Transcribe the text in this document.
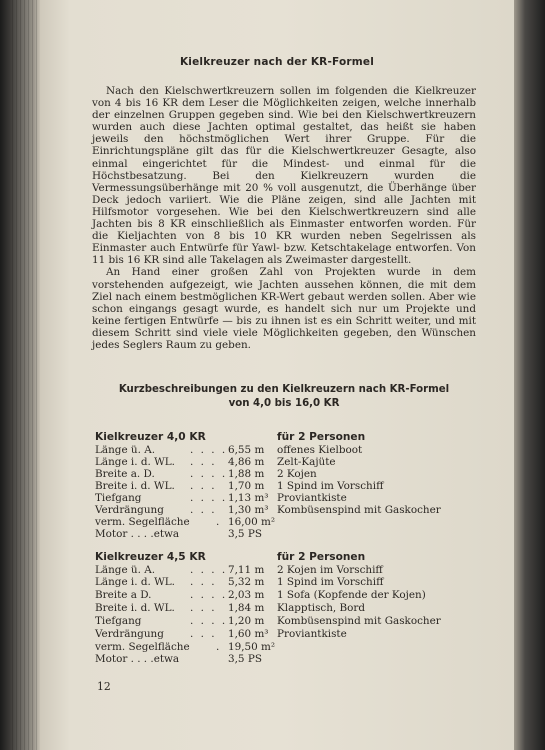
Kielkreuzer nach der KR-Formel

Nach den Kielschwertkreuzern sollen im folgenden die Kielkreuzer von 4 bis 16 KR dem Leser die Möglichkeiten zeigen, welche innerhalb der einzelnen Gruppen gegeben sind. Wie bei den Kielschwertkreuzern wurden auch diese Jachten optimal gestaltet, das heißt sie haben jeweils den höchstmöglichen Wert ihrer Gruppe. Für die Einrichtungspläne gilt das für die Kielschwertkreuzer Gesagte, also einmal eingerichtet für die Mindest- und einmal für die Höchstbesatzung. Bei den Kielkreuzern wurden die Vermessungsüberhänge mit 20 % voll ausgenutzt, die Überhänge über Deck jedoch variiert. Wie die Pläne zeigen, sind alle Jachten mit Hilfsmotor vorgesehen. Wie bei den Kielschwertkreuzern sind alle Jachten bis 8 KR einschließlich als Einmaster entworfen worden. Für die Kieljachten von 8 bis 10 KR wurden neben Segelrissen als Einmaster auch Entwürfe für Yawl- bzw. Ketschtakelage entworfen. Von 11 bis 16 KR sind alle Takelagen als Zweimaster dargestellt.

An Hand einer großen Zahl von Projekten wurde in dem vorstehenden aufgezeigt, wie Jachten aussehen können, die mit dem Ziel nach einem bestmöglichen KR-Wert gebaut werden sollen. Aber wie schon eingangs gesagt wurde, es handelt sich nur um Projekte und keine fertigen Entwürfe — bis zu ihnen ist es ein Schritt weiter, und mit diesem Schritt sind viele viele Möglichkeiten gegeben, den Wünschen jedes Seglers Raum zu geben.

Kurzbeschreibungen zu den Kielkreuzern nach KR-Formel
von 4,0 bis 16,0 KR
Kielkreuzer 4,0 KR	für 2 Personen
Länge ü. A.	. . . . 6,55 m offenes Kielboot
Länge i. d. WL. . . . 4,86 m Zelt-Kajüte
Breite a. D.	. . . . 1,88 m 2 Kojen
Breite i. d. WL. . . . 1,70 m 1 Spind im Vorschiff
Tiefgang	. . . . 1,13 m³ Proviantkiste
Verdrängung	. . . 1,30 m³ Kombüsenspind mit Gaskocher
verm. Segelfläche	. 16,00 m²
Motor . . . .etwa	3,5 PS
Kielkreuzer 4,5 KR	für 2 Personen
Länge ü. A.	. . . . 7,11 m 2 Kojen im Vorschiff
Länge i. d. WL. . . . 5,32 m 1 Spind im Vorschiff
Breite a D.	. . . . 2,03 m 1 Sofa (Kopfende der Kojen)
Breite i. d. WL. . . . 1,84 m Klapptisch, Bord
Tiefgang	. . . . 1,20 m Kombüsenspind mit Gaskocher
Verdrängung	. . . 1,60 m³ Proviantkiste
verm. Segelfläche	. 19,50 m²
Motor . . . .etwa	3,5 PS
12
